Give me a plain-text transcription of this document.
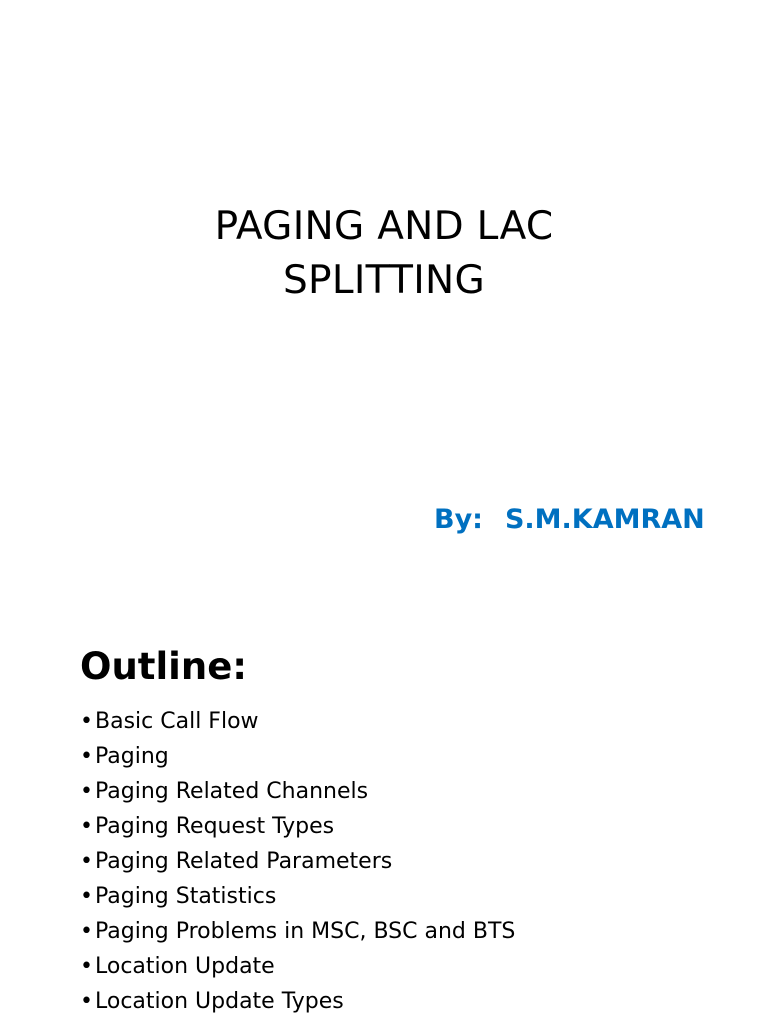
PAGING AND LAC
SPLITTING
By: S.M.KAMRAN
Outline:
•Basic Call Flow
•Paging
•Paging Related Channels
•Paging Request Types
•Paging Related Parameters
•Paging Statistics
•Paging Problems in MSC, BSC and BTS
•Location Update
•Location Update Types
